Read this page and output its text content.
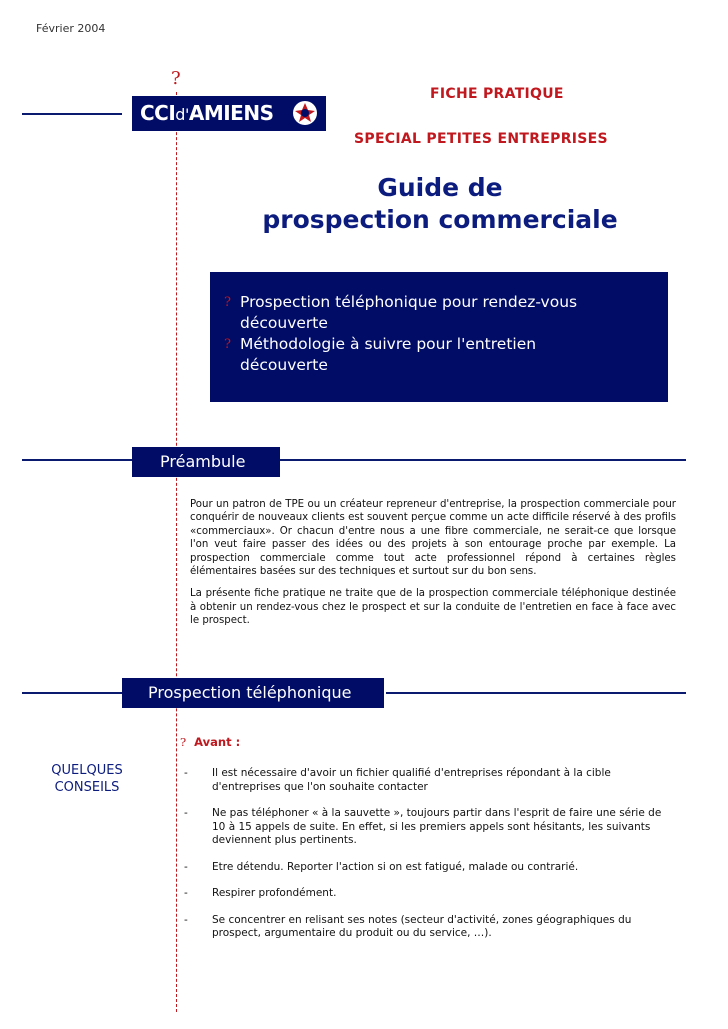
Février 2004
?
CCId'AMIENS
FICHE PRATIQUE
SPECIAL PETITES ENTREPRISES
Guide de
prospection commerciale
? Prospection téléphonique pour rendez-vous
découverte
? Méthodologie à suivre pour l'entretien
découverte
Préambule

Pour un patron de TPE ou un créateur repreneur d'entreprise, la prospection commerciale pour conquérir de nouveaux clients est souvent perçue comme un acte difficile réservé à des profils «commerciaux». Or chacun d'entre nous a une fibre commerciale, ne serait-ce que lorsque l'on veut faire passer des idées ou des projets à son entourage proche par exemple. La prospection commerciale comme tout acte professionnel répond à certaines règles élémentaires basées sur des techniques et surtout sur du bon sens.

La présente fiche pratique ne traite que de la prospection commerciale téléphonique destinée à obtenir un rendez-vous chez le prospect et sur la conduite de l'entretien en face à face avec le prospect.

Prospection téléphonique
? Avant :
QUELQUES
CONSEILS
- Il est nécessaire d'avoir un fichier qualifié d'entreprises répondant à la cible d'entreprises que l'on souhaite contacter
- Ne pas téléphoner « à la sauvette », toujours partir dans l'esprit de faire une série de 10 à 15 appels de suite. En effet, si les premiers appels sont hésitants, les suivants deviennent plus pertinents.
- Etre détendu. Reporter l'action si on est fatigué, malade ou contrarié.
- Respirer profondément.
- Se concentrer en relisant ses notes (secteur d'activité, zones géographiques du prospect, argumentaire du produit ou du service, …).
